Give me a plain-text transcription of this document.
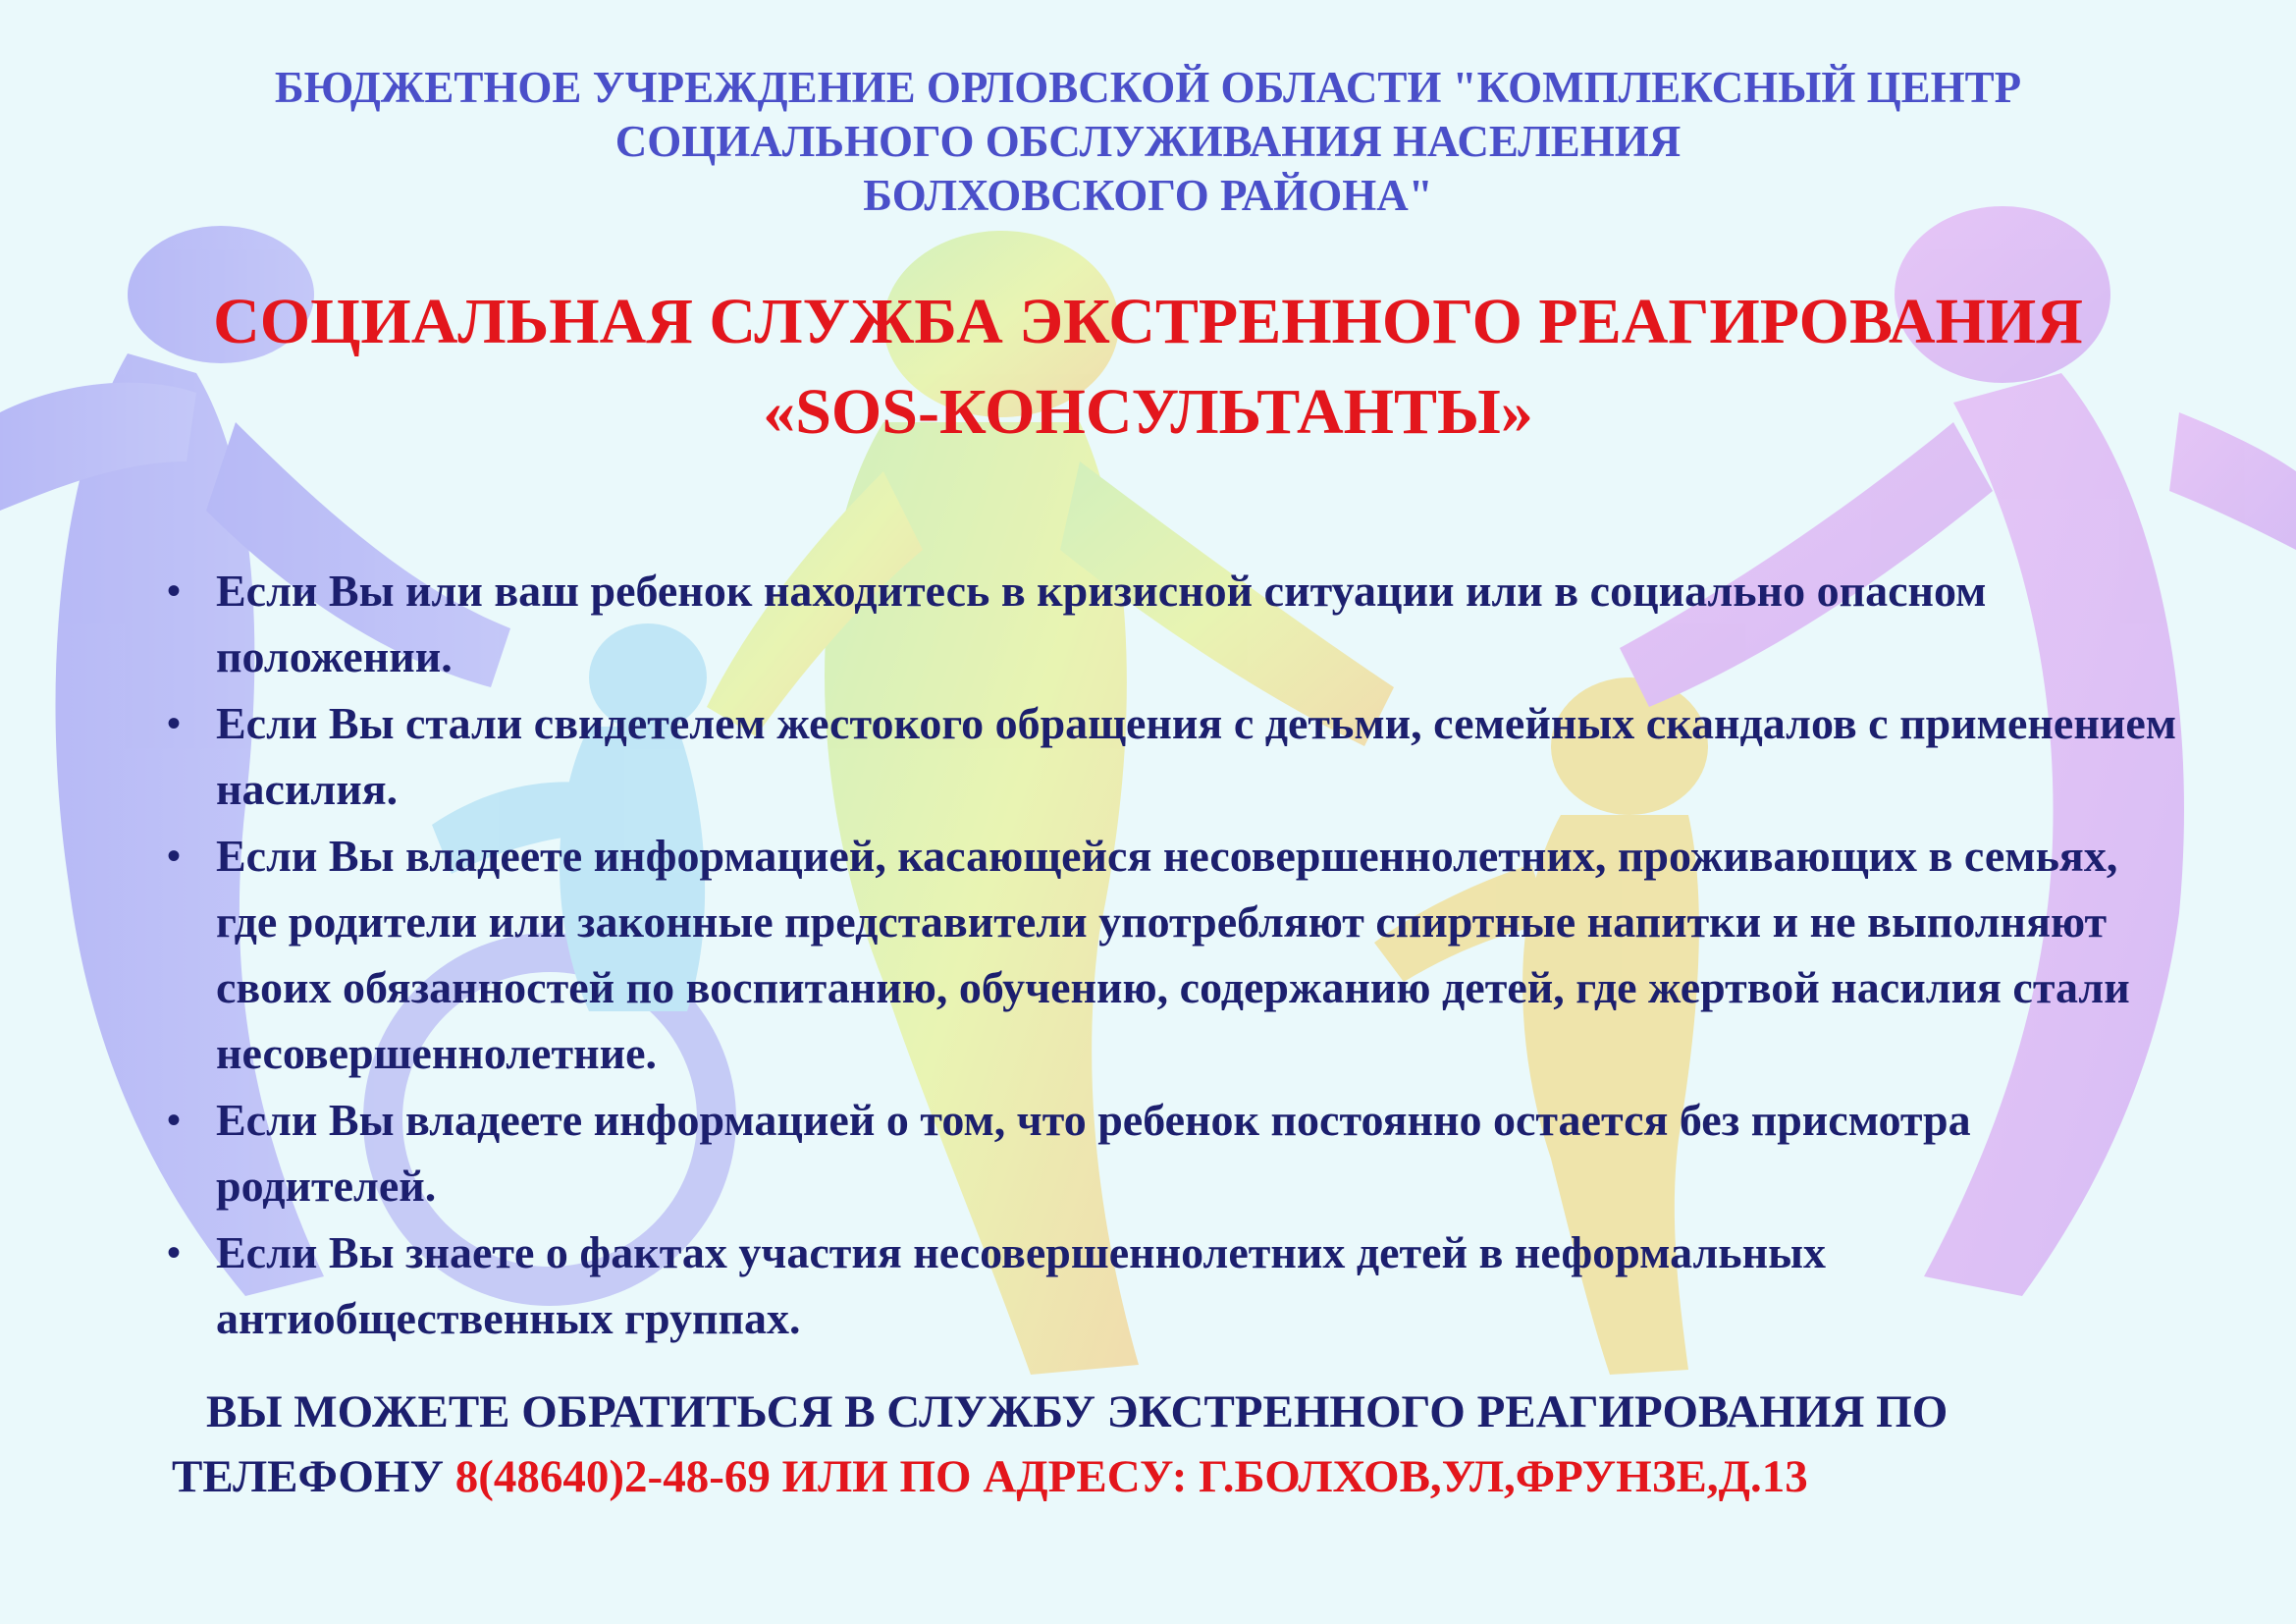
БЮДЖЕТНОЕ УЧРЕЖДЕНИЕ ОРЛОВСКОЙ ОБЛАСТИ "КОМПЛЕКСНЫЙ ЦЕНТР
СОЦИАЛЬНОГО ОБСЛУЖИВАНИЯ НАСЕЛЕНИЯ
БОЛХОВСКОГО РАЙОНА"
СОЦИАЛЬНАЯ СЛУЖБА ЭКСТРЕННОГО РЕАГИРОВАНИЯ
«SOS-КОНСУЛЬТАНТЫ»
• Если Вы или ваш ребенок находитесь в кризисной ситуации или в социально опасном положении.
• Если Вы стали свидетелем жестокого обращения с детьми, семейных скандалов с применением насилия.
• Если Вы владеете информацией, касающейся несовершеннолетних, проживающих в семьях, где родители или законные представители употребляют спиртные напитки и не выполняют своих обязанностей по воспитанию, обучению, содержанию детей, где жертвой насилия стали несовершеннолетние.
• Если Вы владеете информацией о том, что ребенок постоянно остается без присмотра родителей.
• Если Вы знаете о фактах участия несовершеннолетних детей в неформальных антиобщественных группах.
ВЫ МОЖЕТЕ ОБРАТИТЬСЯ В СЛУЖБУ ЭКСТРЕННОГО РЕАГИРОВАНИЯ ПО
ТЕЛЕФОНУ 8(48640)2-48-69 ИЛИ ПО АДРЕСУ: Г.БОЛХОВ,УЛ,ФРУНЗЕ,Д.13
